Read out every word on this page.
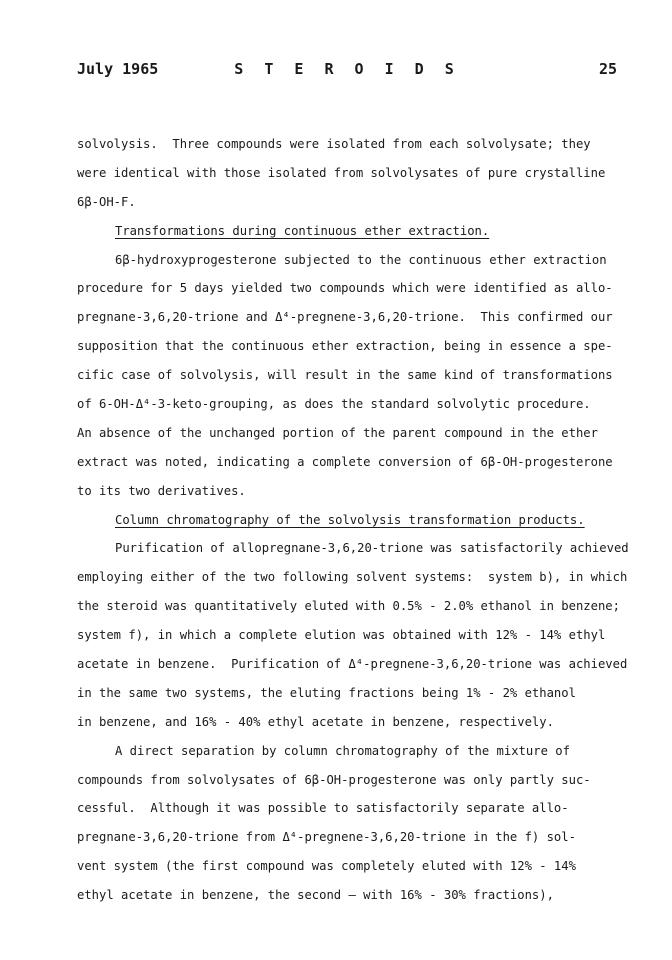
July 1965	S T E R O I D S	25
solvolysis.  Three compounds were isolated from each solvolysate; they
were identical with those isolated from solvolysates of pure crystalline
6β-OH-F.
Transformations during continuous ether extraction.
6β-hydroxyprogesterone subjected to the continuous ether extraction
procedure for 5 days yielded two compounds which were identified as allo-
pregnane-3,6,20-trione and Δ⁴-pregnene-3,6,20-trione.  This confirmed our
supposition that the continuous ether extraction, being in essence a spe-
cific case of solvolysis, will result in the same kind of transformations
of 6-OH-Δ⁴-3-keto-grouping, as does the standard solvolytic procedure.
An absence of the unchanged portion of the parent compound in the ether
extract was noted, indicating a complete conversion of 6β-OH-progesterone
to its two derivatives.
Column chromatography of the solvolysis transformation products.
Purification of allopregnane-3,6,20-trione was satisfactorily achieved
employing either of the two following solvent systems:  system b), in which
the steroid was quantitatively eluted with 0.5% - 2.0% ethanol in benzene;
system f), in which a complete elution was obtained with 12% - 14% ethyl
acetate in benzene.  Purification of Δ⁴-pregnene-3,6,20-trione was achieved
in the same two systems, the eluting fractions being 1% - 2% ethanol
in benzene, and 16% - 40% ethyl acetate in benzene, respectively.
A direct separation by column chromatography of the mixture of
compounds from solvolysates of 6β-OH-progesterone was only partly suc-
cessful.  Although it was possible to satisfactorily separate allo-
pregnane-3,6,20-trione from Δ⁴-pregnene-3,6,20-trione in the f) sol-
vent system (the first compound was completely eluted with 12% - 14%
ethyl acetate in benzene, the second — with 16% - 30% fractions),
